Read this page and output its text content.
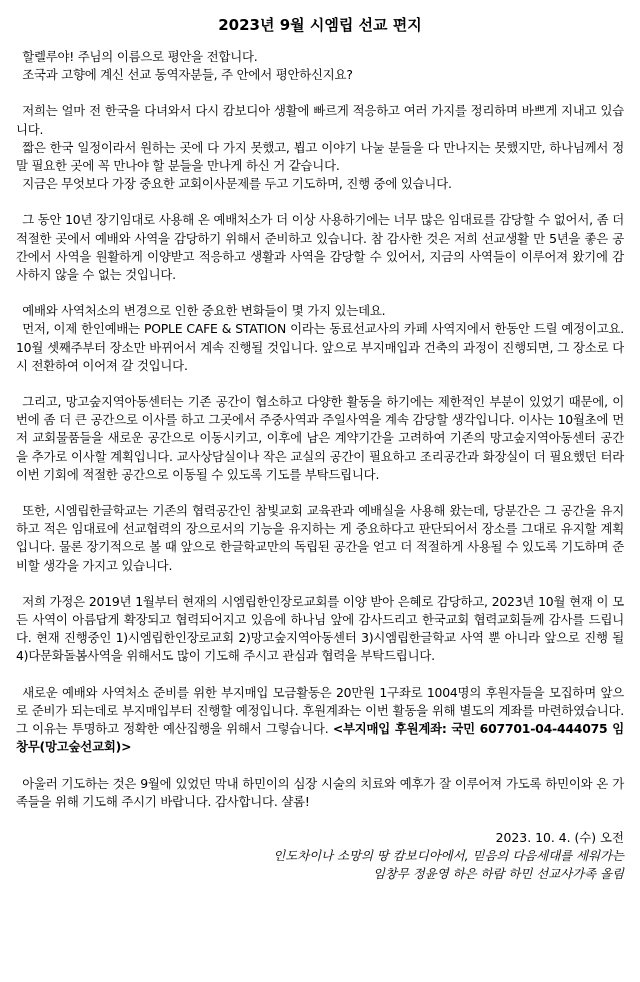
2023년 9월 시엠립 선교 편지

할렐루야! 주님의 이름으로 평안을 전합니다.

조국과 고향에 계신 선교 동역자분들, 주 안에서 평안하신지요?

저희는 얼마 전 한국을 다녀와서 다시 캄보디아 생활에 빠르게 적응하고 여러 가지를 정리하며 바쁘게 지내고 있습니다.

짧은 한국 일정이라서 원하는 곳에 다 가지 못했고, 뵙고 이야기 나눌 분들을 다 만나지는 못했지만, 하나님께서 정말 필요한 곳에 꼭 만나야 할 분들을 만나게 하신 거 같습니다.

지금은 무엇보다 가장 중요한 교회이사문제를 두고 기도하며, 진행 중에 있습니다.

그 동안 10년 장기임대로 사용해 온 예배처소가 더 이상 사용하기에는 너무 많은 임대료를 감당할 수 없어서, 좀 더 적절한 곳에서 예배와 사역을 감당하기 위해서 준비하고 있습니다. 참 감사한 것은 저희 선교생활 만 5년을 좋은 공간에서 사역을 원활하게 이양받고 적응하고 생활과 사역을 감당할 수 있어서, 지금의 사역들이 이루어져 왔기에 감사하지 않을 수 없는 것입니다.

예배와 사역처소의 변경으로 인한 중요한 변화들이 몇 가지 있는데요.

먼저, 이제 한인예배는 POPLE CAFE & STATION 이라는 동료선교사의 카페 사역지에서 한동안 드릴 예정이고요. 10월 셋째주부터 장소만 바뀌어서 계속 진행될 것입니다. 앞으로 부지매입과 건축의 과정이 진행되면, 그 장소로 다시 전환하여 이어져 갈 것입니다.

그리고, 망고숲지역아동센터는 기존 공간이 협소하고 다양한 활동을 하기에는 제한적인 부분이 있었기 때문에, 이번에 좀 더 큰 공간으로 이사를 하고 그곳에서 주중사역과 주일사역을 계속 감당할 생각입니다. 이사는 10월초에 먼저 교회물품들을 새로운 공간으로 이동시키고, 이후에 남은 계약기간을 고려하여 기존의 망고숲지역아동센터 공간을 추가로 이사할 계획입니다. 교사상담실이나 작은 교실의 공간이 필요하고 조리공간과 화장실이 더 필요했던 터라 이번 기회에 적절한 공간으로 이동될 수 있도록 기도를 부탁드립니다.

또한, 시엠립한글학교는 기존의 협력공간인 참빛교회 교육관과 예배실을 사용해 왔는데, 당분간은 그 공간을 유지하고 적은 임대료에 선교협력의 장으로서의 기능을 유지하는 게 중요하다고 판단되어서 장소를 그대로 유지할 계획입니다. 물론 장기적으로 볼 때 앞으로 한글학교만의 독립된 공간을 얻고 더 적절하게 사용될 수 있도록 기도하며 준비할 생각을 가지고 있습니다.

저희 가정은 2019년 1월부터 현재의 시엠립한인장로교회를 이양 받아 은혜로 감당하고, 2023년 10월 현재 이 모든 사역이 아름답게 확장되고 협력되어지고 있음에 하나님 앞에 감사드리고 한국교회 협력교회들께 감사를 드립니다. 현재 진행중인 1)시엠립한인장로교회 2)망고숲지역아동센터 3)시엠립한글학교 사역 뿐 아니라 앞으로 진행 될 4)다문화돌봄사역을 위해서도 많이 기도해 주시고 관심과 협력을 부탁드립니다.

새로운 예배와 사역처소 준비를 위한 부지매입 모금활동은 20만원 1구좌로 1004명의 후원자들을 모집하며 앞으로 준비가 되는데로 부지매입부터 진행할 예정입니다. 후원계좌는 이번 활동을 위해 별도의 계좌를 마련하였습니다. 그 이유는 투명하고 정확한 예산집행을 위해서 그렇습니다. <부지매입 후원계좌: 국민 607701-04-444075 임창무(망고숲선교회)>

아울러 기도하는 것은 9월에 있었던 막내 하민이의 심장 시술의 치료와 예후가 잘 이루어져 가도록 하민이와 온 가족들을 위해 기도해 주시기 바랍니다. 감사합니다. 샬롬!

2023. 10. 4. (수) 오전
인도차이나 소망의 땅 캄보디아에서, 믿음의 다음세대를 세워가는
임창무 정윤영 하은 하람 하민 선교사가족 올림
